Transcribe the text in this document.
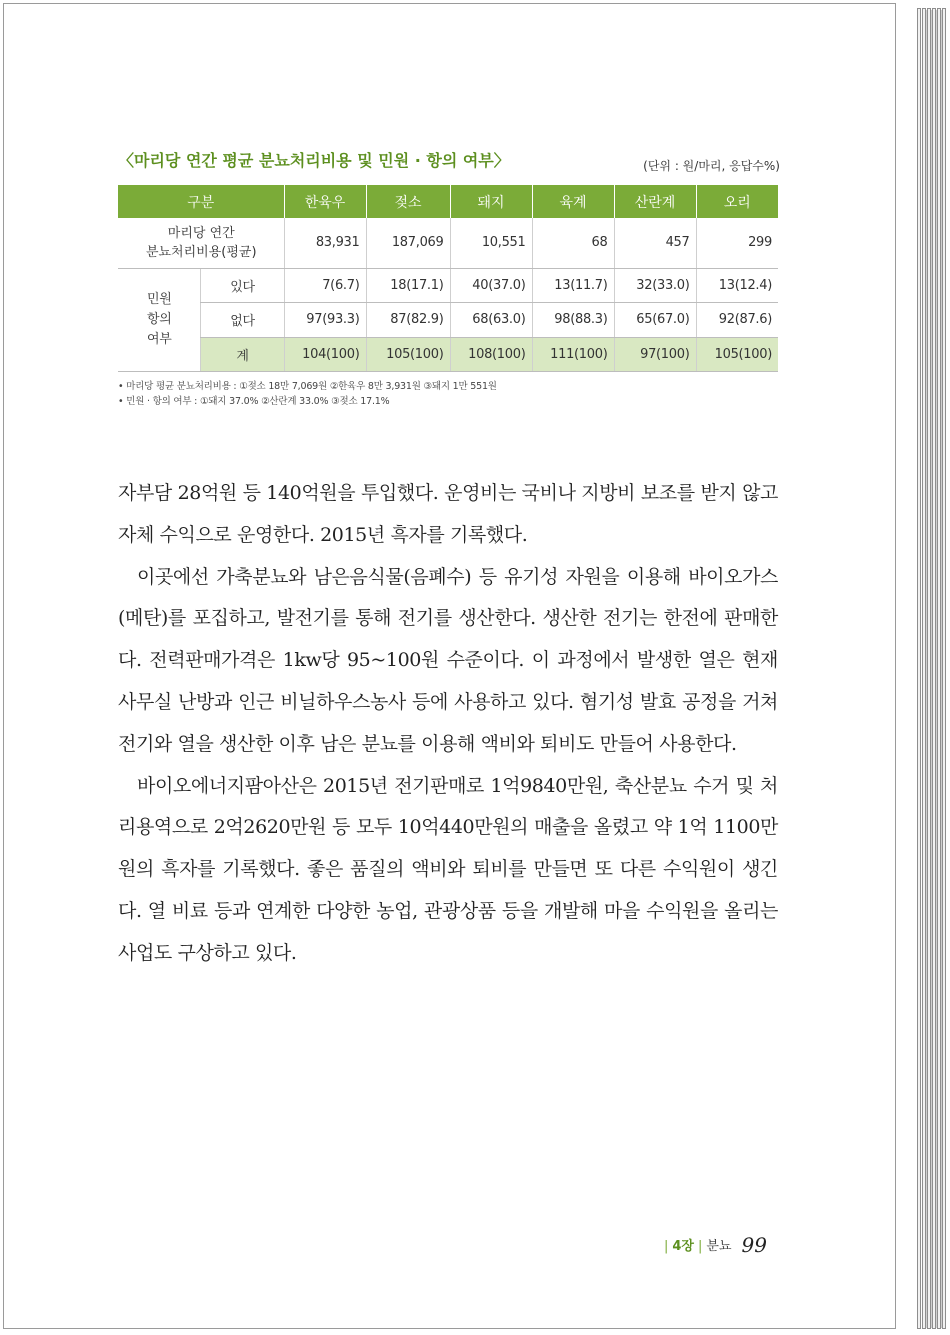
〈마리당 연간 평균 분뇨처리비용 및 민원 · 항의 여부〉	(단위 : 원/마리, 응답수%)
구분		한육우	젖소	돼지	육계	산란계	오리
마리당 연간
분뇨처리비용(평균)		83,931	187,069	10,551	68	457	299
민원
항의
여부	있다	7(6.7)	18(17.1)	40(37.0)	13(11.7)	32(33.0)	13(12.4)
	없다	97(93.3)	87(82.9)	68(63.0)	98(88.3)	65(67.0)	92(87.6)
	계	104(100)	105(100)	108(100)	111(100)	97(100)	105(100)
• 마리당 평균 분뇨처리비용 : ①젖소 18만 7,069원 ②한육우 8만 3,931원 ③돼지 1만 551원
• 민원 · 항의 여부 : ①돼지 37.0% ②산란계 33.0% ③젖소 17.1%

자부담 28억원 등 140억원을 투입했다. 운영비는 국비나 지방비 보조를 받지 않고 자체 수익으로 운영한다. 2015년 흑자를 기록했다.

이곳에선 가축분뇨와 남은음식물(음폐수) 등 유기성 자원을 이용해 바이오가스(메탄)를 포집하고, 발전기를 통해 전기를 생산한다. 생산한 전기는 한전에 판매한다. 전력판매가격은 1kw당 95~100원 수준이다. 이 과정에서 발생한 열은 현재 사무실 난방과 인근 비닐하우스농사 등에 사용하고 있다. 혐기성 발효 공정을 거쳐 전기와 열을 생산한 이후 남은 분뇨를 이용해 액비와 퇴비도 만들어 사용한다.

바이오에너지팜아산은 2015년 전기판매로 1억9840만원, 축산분뇨 수거 및 처리용역으로 2억2620만원 등 모두 10억440만원의 매출을 올렸고 약 1억 1100만원의 흑자를 기록했다. 좋은 품질의 액비와 퇴비를 만들면 또 다른 수익원이 생긴다. 열 비료 등과 연계한 다양한 농업, 관광상품 등을 개발해 마을 수익원을 올리는 사업도 구상하고 있다.

| 4장 | 분뇨 99
